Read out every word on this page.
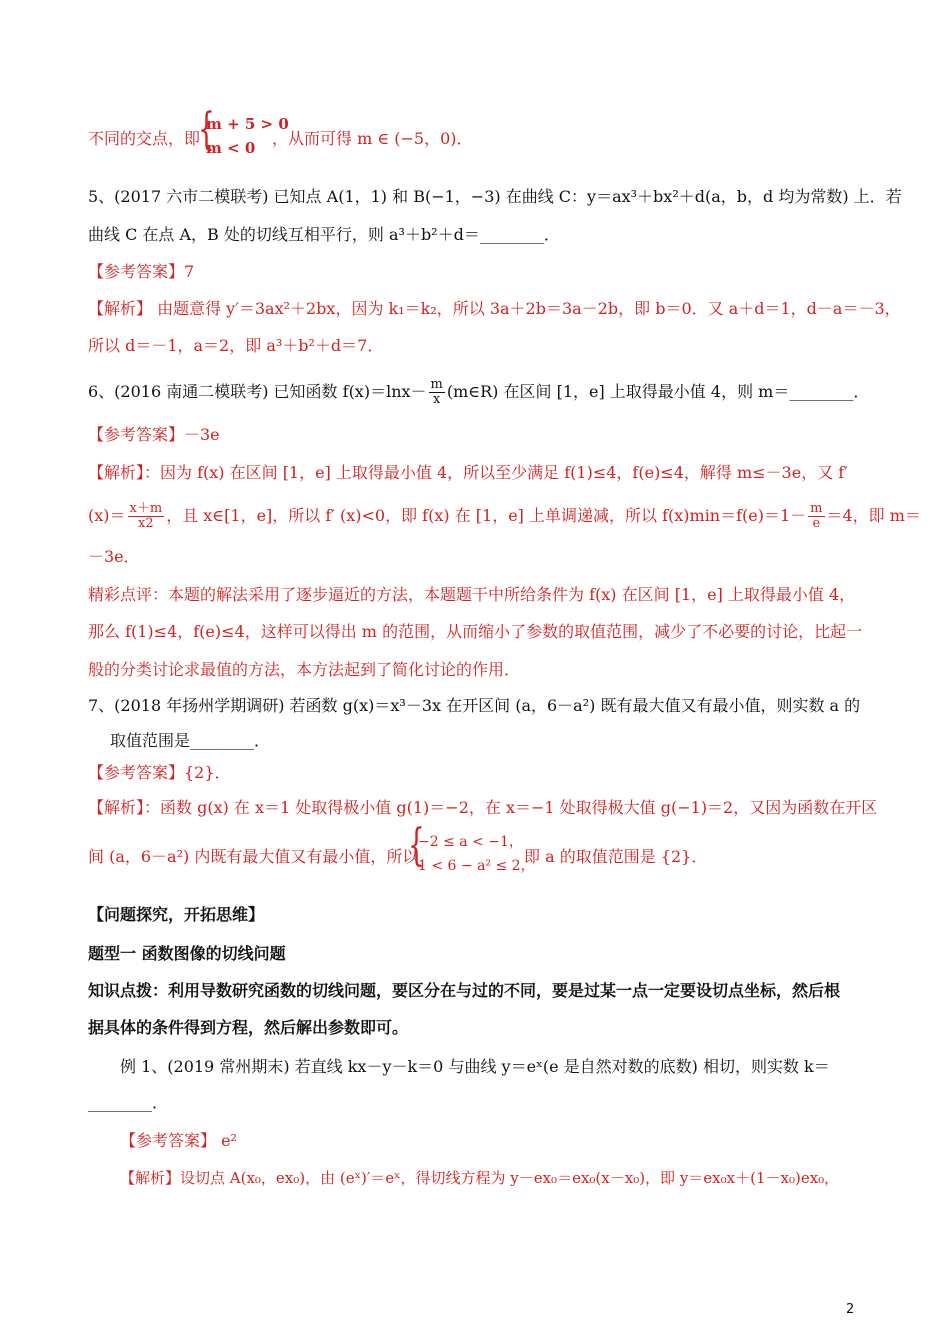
不同的交点，即
{
m + 5 > 0
m < 0	，从而可得 m ∈ (−5，0)．
5、(2017 六市二模联考) 已知点 A(1，1) 和 B(−1，−3) 在曲线 C：y＝ax³＋bx²＋d(a，b，d 均为常数) 上．若
曲线 C 在点 A，B 处的切线互相平行，则 a³＋b²＋d＝________．
【参考答案】7
【解析】 由题意得 y′＝3ax²＋2bx，因为 k₁＝k₂，所以 3a＋2b＝3a－2b，即 b＝0．又 a＋d＝1，d－a＝－3，
所以 d＝－1，a＝2，即 a³＋b²＋d＝7．
6、(2016 南通二模联考) 已知函数 $f(x)=\ln x- \frac{m}{x}$ (m∈R) 在区间 [1，e] 上取得最小值 4，则 m＝________．
【参考答案】－3e
【解析】：因为 f(x) 在区间 [1，e] 上取得最小值 4，所以至少满足 f(1)≤4，f(e)≤4，解得 m≤－3e，又 f′
$(x)= \frac{x+m}{x2}$ ，且 x∈[1，e]，所以 f′ (x)<0，即 f(x) 在 [1，e] 上单调递减，所以 $f(x)\min=f(e)=1- \frac{m}{e} =4$，即 m＝
－3e．
精彩点评：本题的解法采用了逐步逼近的方法，本题题干中所给条件为 f(x) 在区间 [1，e] 上取得最小值 4，
那么 f(1)≤4，f(e)≤4，这样可以得出 m 的范围，从而缩小了参数的取值范围，减少了不必要的讨论，比起一
般的分类讨论求最值的方法，本方法起到了简化讨论的作用．
7、(2018 年扬州学期调研) 若函数 g(x)＝x³－3x 在开区间 (a，6－a²) 既有最大值又有最小值，则实数 a 的
取值范围是________．
【参考答案】{2}．
【解析】：函数 g(x) 在 x＝1 处取得极小值 g(1)＝−2，在 x＝−1 处取得极大值 g(−1)＝2，又因为函数在开区
间 (a，6－a²) 内既有最大值又有最小值，所以
{
−2 ≤ a < −1，
1 < 6 − a² ≤ 2，
即 a 的取值范围是 {2}．
【问题探究，开拓思维】
题型一 函数图像的切线问题
知识点拨：利用导数研究函数的切线问题，要区分在与过的不同，要是过某一点一定要设切点坐标，然后根
据具体的条件得到方程，然后解出参数即可。
例 1、(2019 常州期末) 若直线 kx－y－k＝0 与曲线 y＝eˣ(e 是自然对数的底数) 相切，则实数 k＝
________．
【参考答案】 e²
【解析】设切点 A(x₀，ex₀)，由 (eˣ)′＝eˣ，得切线方程为 y－ex₀＝ex₀(x－x₀)，即 y＝ex₀x＋(1－x₀)ex₀，
2
